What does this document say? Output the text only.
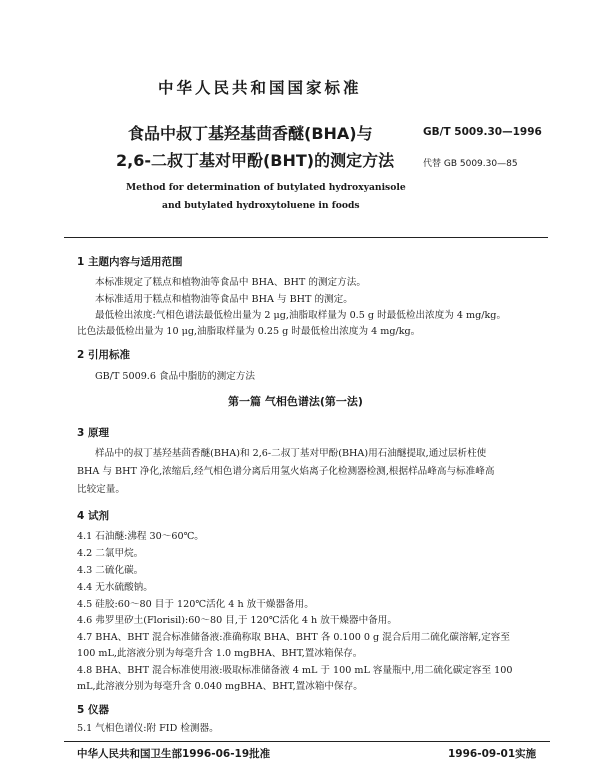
中华人民共和国国家标准
食品中叔丁基羟基茴香醚(BHA)与
2,6-二叔丁基对甲酚(BHT)的测定方法
GB/T 5009.30—1996
代替 GB 5009.30—85
Method for determination of butylated hydroxyanisole
and butylated hydroxytoluene in foods
1 主题内容与适用范围
本标准规定了糕点和植物油等食品中 BHA、BHT 的测定方法。
本标准适用于糕点和植物油等食品中 BHA 与 BHT 的测定。
最低检出浓度:气相色谱法最低检出量为 2 μg,油脂取样量为 0.5 g 时最低检出浓度为 4 mg/kg。
比色法最低检出量为 10 μg,油脂取样量为 0.25 g 时最低检出浓度为 4 mg/kg。
2 引用标准
GB/T 5009.6 食品中脂肪的测定方法
第一篇 气相色谱法(第一法)
3 原理
样品中的叔丁基羟基茴香醚(BHA)和 2,6-二叔丁基对甲酚(BHA)用石油醚提取,通过层析柱使
BHA 与 BHT 净化,浓缩后,经气相色谱分离后用氢火焰离子化检测器检测,根据样品峰高与标准峰高
比较定量。
4 试剂
4.1 石油醚:沸程 30～60℃。
4.2 二氯甲烷。
4.3 二硫化碳。
4.4 无水硫酸钠。
4.5 硅胶:60～80 目于 120℃活化 4 h 放干燥器备用。
4.6 弗罗里矽土(Florisil):60～80 目,于 120℃活化 4 h 放干燥器中备用。
4.7 BHA、BHT 混合标准储备液:准确称取 BHA、BHT 各 0.100 0 g 混合后用二硫化碳溶解,定容至
100 mL,此溶液分别为每毫升含 1.0 mgBHA、BHT,置冰箱保存。
4.8 BHA、BHT 混合标准使用液:吸取标准储备液 4 mL 于 100 mL 容量瓶中,用二硫化碳定容至 100
mL,此溶液分别为每毫升含 0.040 mgBHA、BHT,置冰箱中保存。
5 仪器
5.1 气相色谱仪:附 FID 检测器。
中华人民共和国卫生部1996-06-19批准	1996-09-01实施
